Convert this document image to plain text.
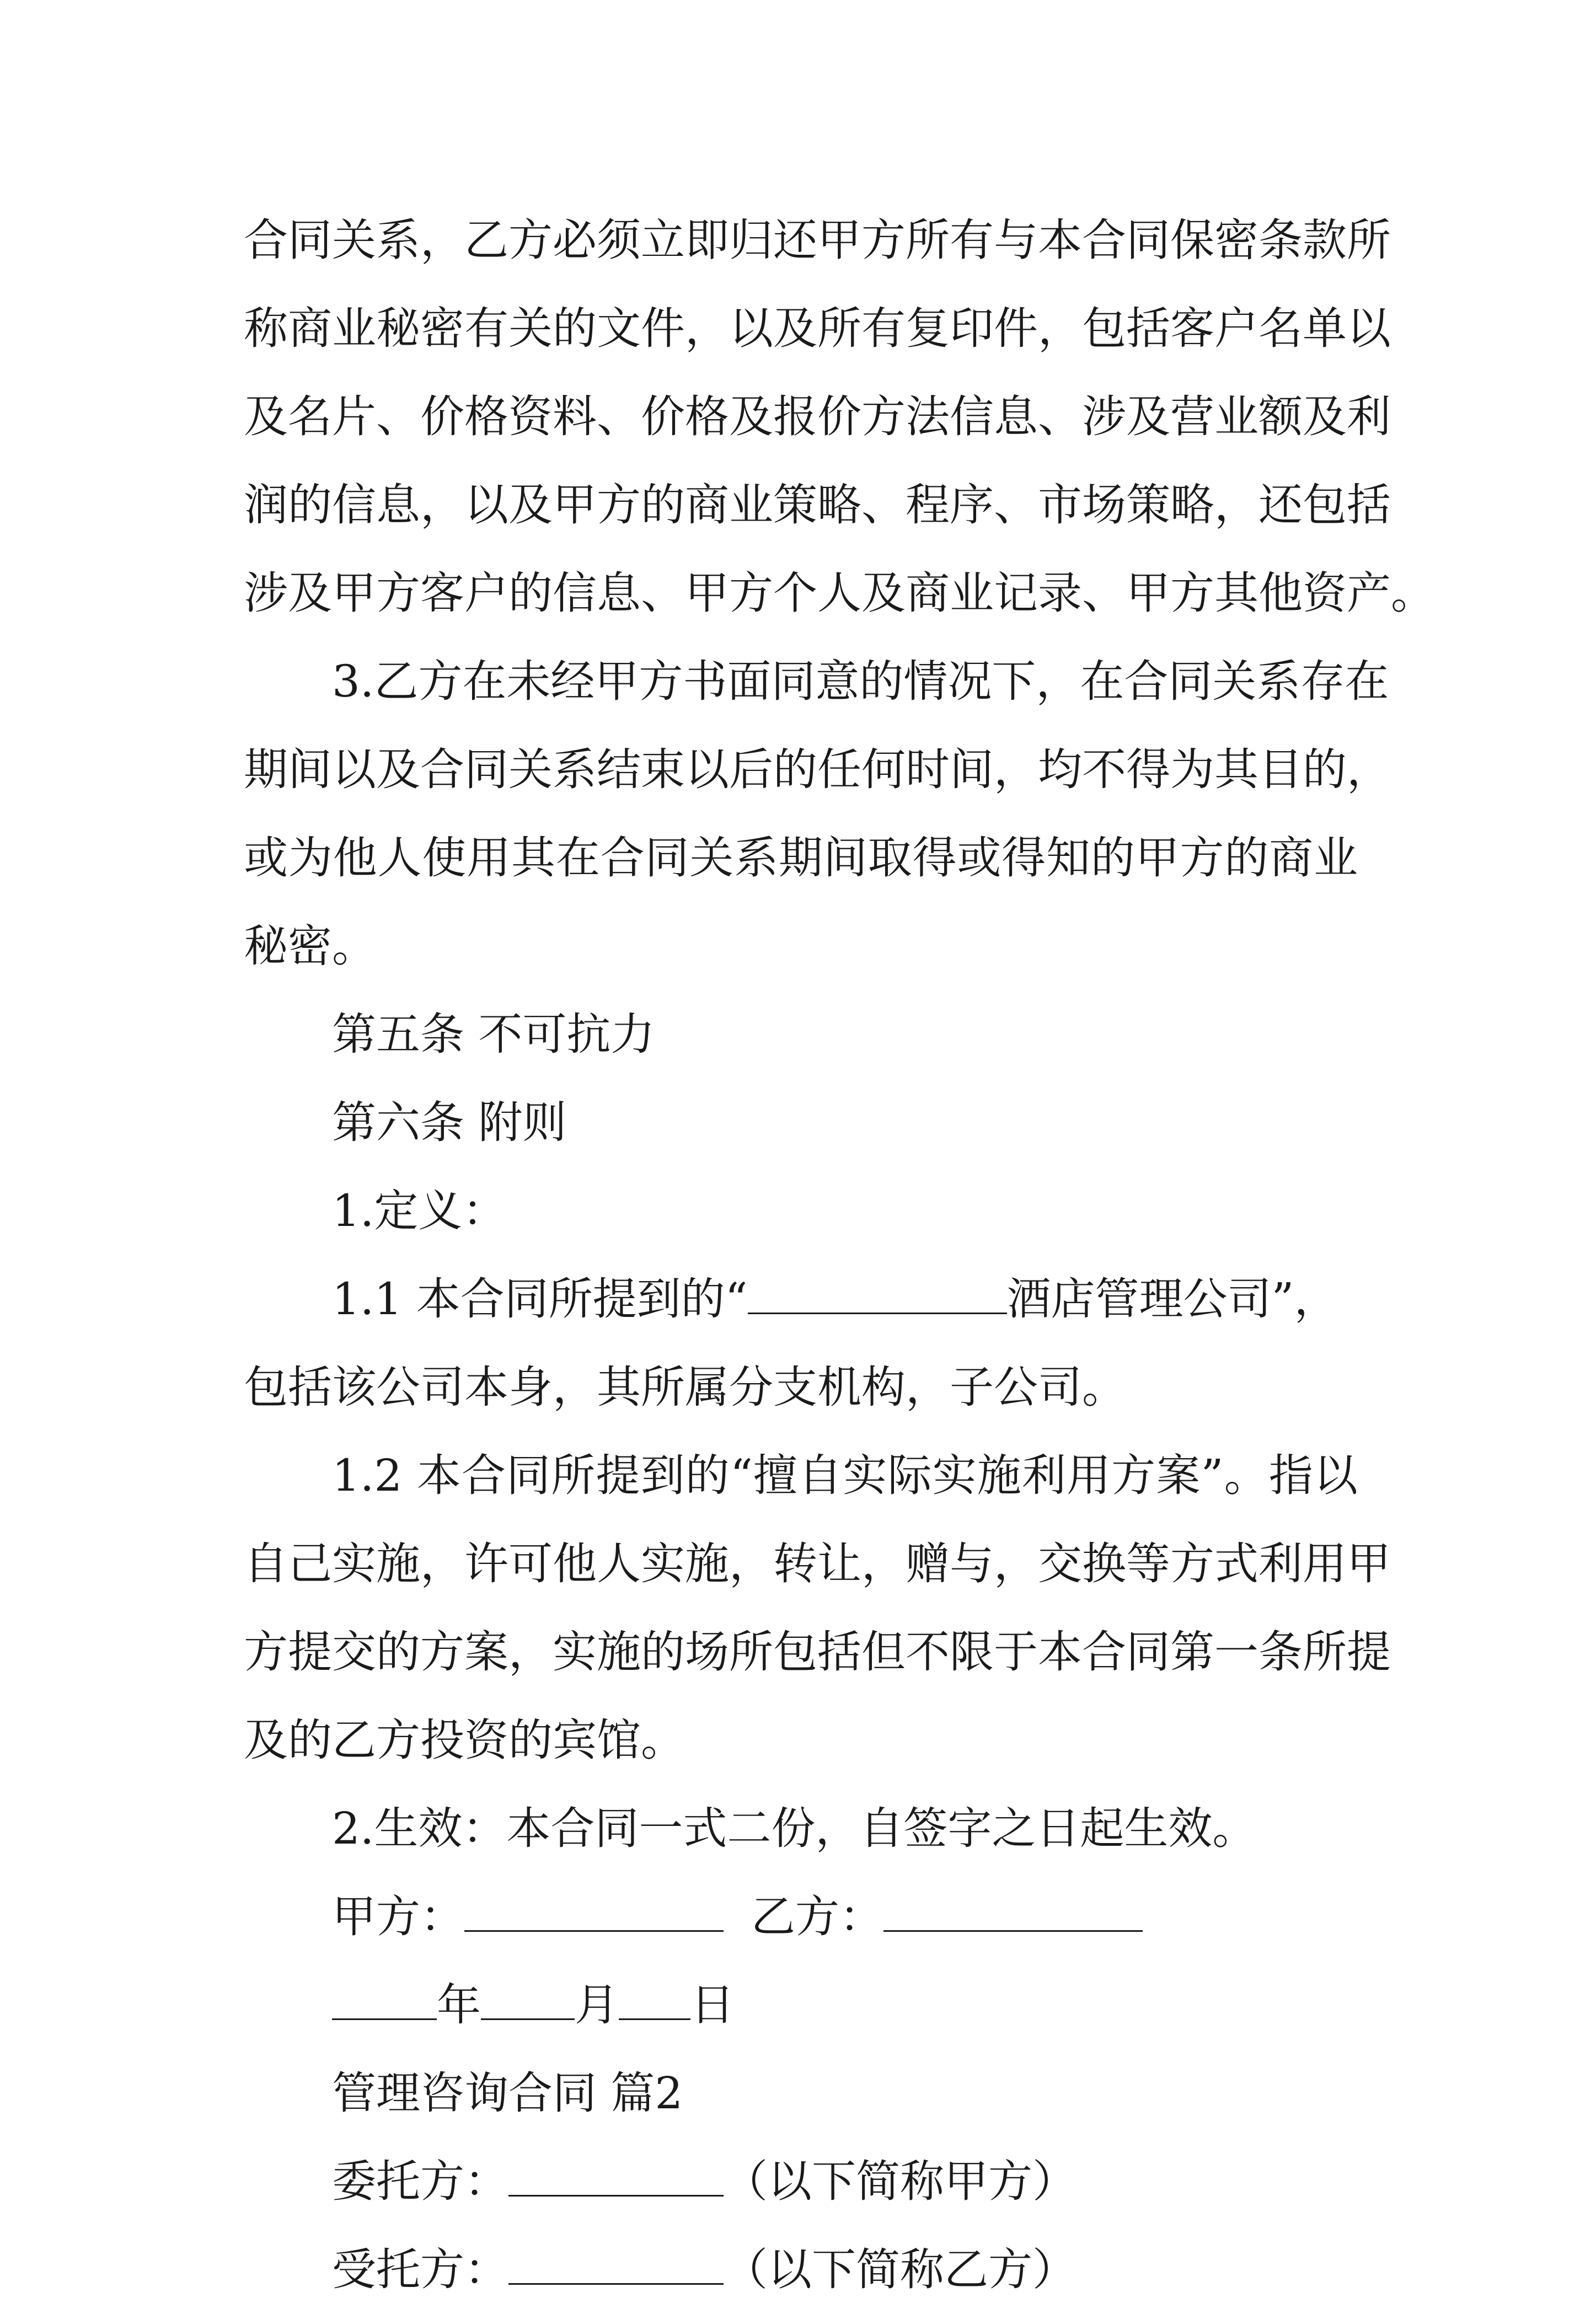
合同关系，乙方必须立即归还甲方所有与本合同保密条款所
称商业秘密有关的文件，以及所有复印件，包括客户名单以
及名片、价格资料、价格及报价方法信息、涉及营业额及利
润的信息，以及甲方的商业策略、程序、市场策略，还包括
涉及甲方客户的信息、甲方个人及商业记录、甲方其他资产。
3.乙方在未经甲方书面同意的情况下，在合同关系存在
期间以及合同关系结束以后的任何时间，均不得为其目的，
或为他人使用其在合同关系期间取得或得知的甲方的商业
秘密。
第五条 不可抗力
第六条 附则
1.定义：
1.1 本合同所提到的“	酒店管理公司”，
包括该公司本身，其所属分支机构，子公司。
1.2 本合同所提到的“擅自实际实施利用方案”。指以
自己实施，许可他人实施，转让，赠与，交换等方式利用甲
方提交的方案，实施的场所包括但不限于本合同第一条所提
及的乙方投资的宾馆。
2.生效：本合同一式二份，自签字之日起生效。
甲方：	乙方：
年 月 日
管理咨询合同 篇2
委托方：	（以下简称甲方）
受托方：	（以下简称乙方）
